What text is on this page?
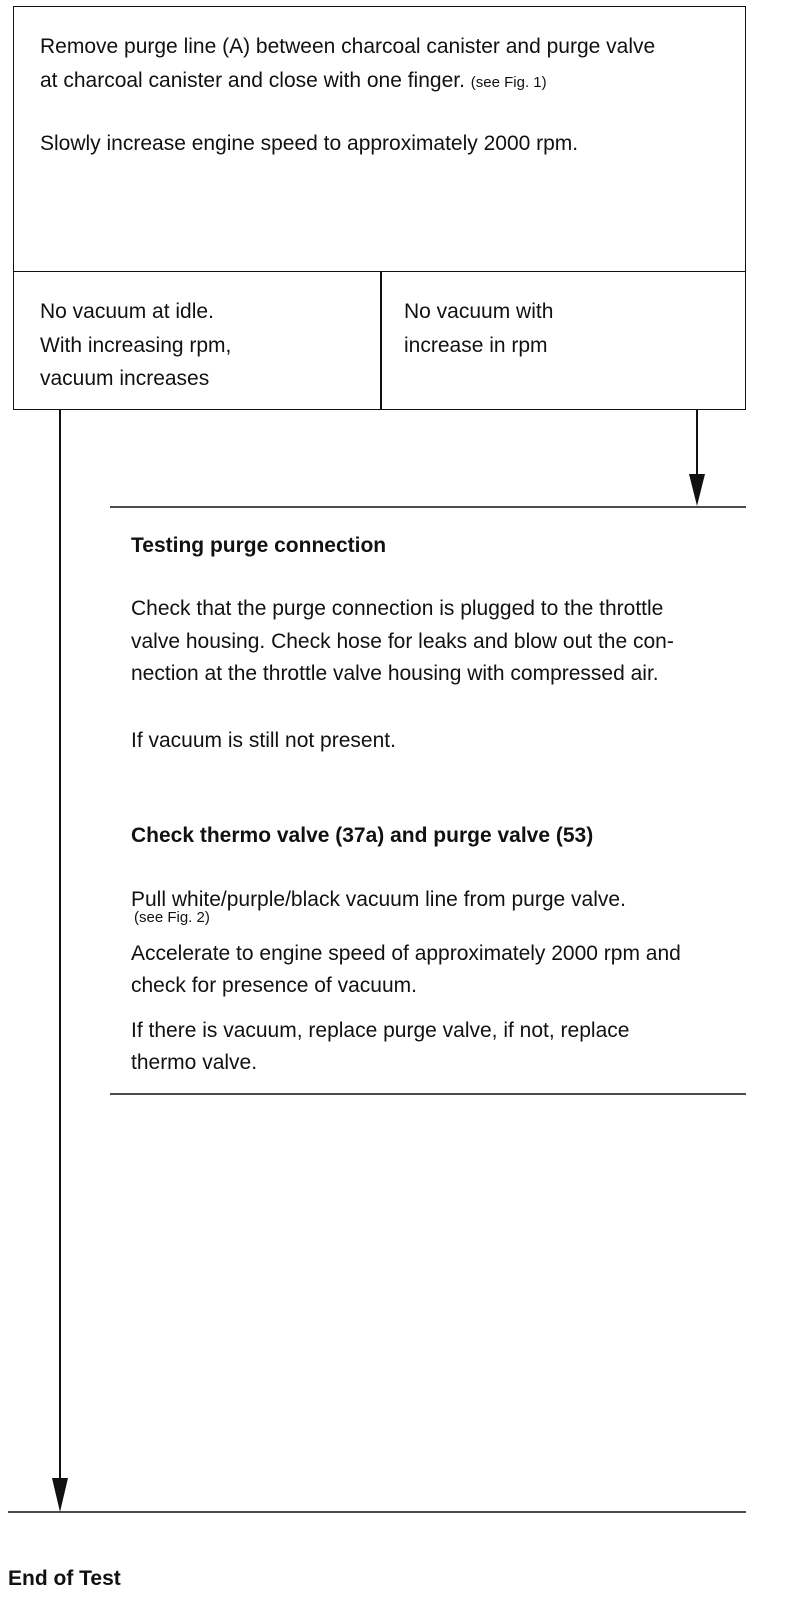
Remove purge line (A) between charcoal canister and purge valve
at charcoal canister and close with one finger. (see Fig. 1)
Slowly increase engine speed to approximately 2000 rpm.
No vacuum at idle.
With increasing rpm,
vacuum increases
No vacuum with
increase in rpm
Testing purge connection
Check that the purge connection is plugged to the throttle
valve housing. Check hose for leaks and blow out the con-
nection at the throttle valve housing with compressed air.
If vacuum is still not present.
Check thermo valve (37a) and purge valve (53)
Pull white/purple/black vacuum line from purge valve.
(see Fig. 2)
Accelerate to engine speed of approximately 2000 rpm and
check for presence of vacuum.
If there is vacuum, replace purge valve, if not, replace
thermo valve.
End of Test
